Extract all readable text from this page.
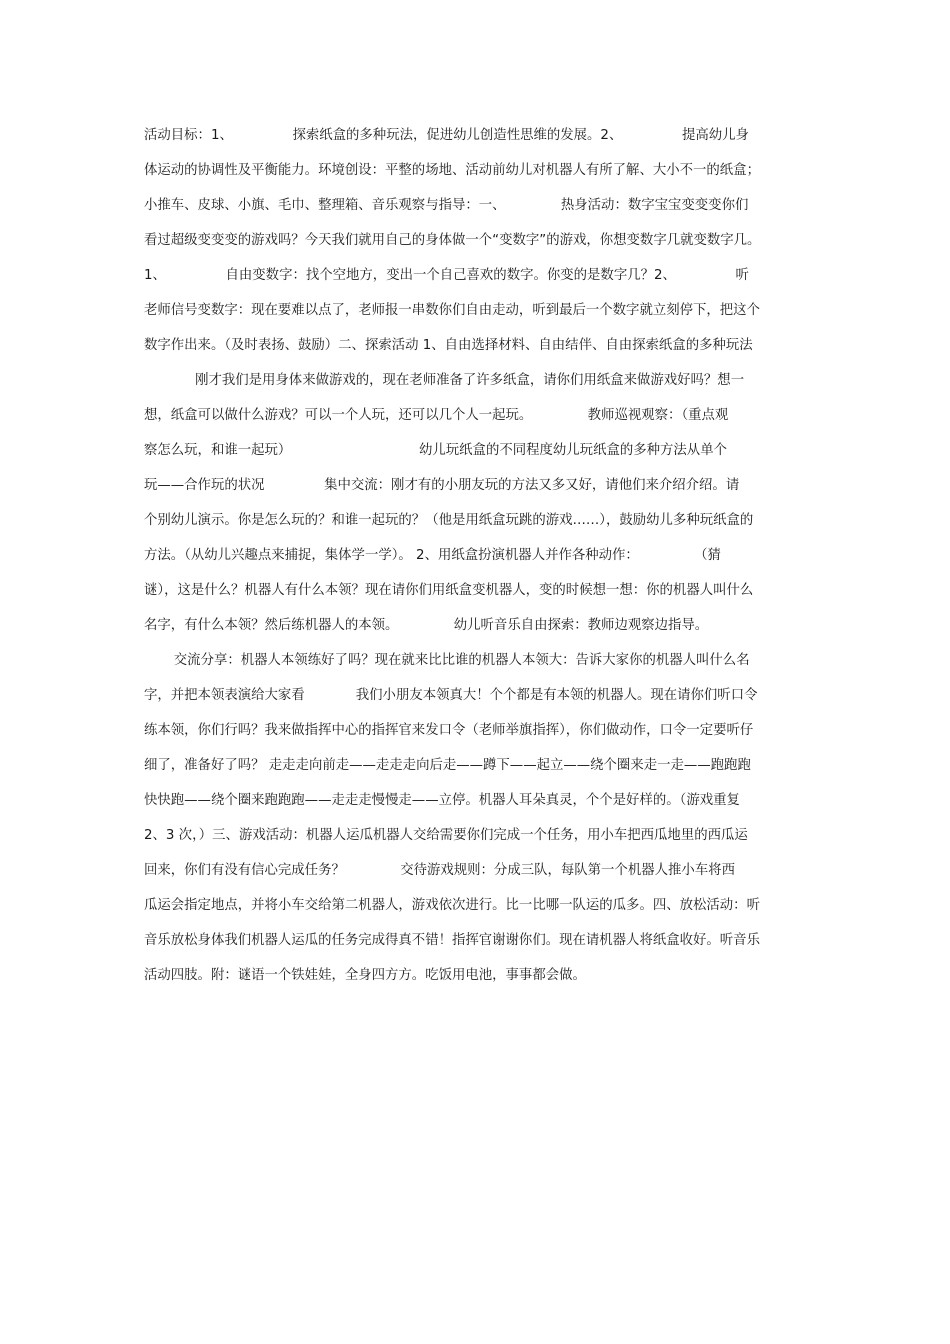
活动目标：1、              探索纸盒的多种玩法，促进幼儿创造性思维的发展。2、              提高幼儿身
体运动的协调性及平衡能力。环境创设：平整的场地、活动前幼儿对机器人有所了解、大小不一的纸盒；
小推车、皮球、小旗、毛巾、整理箱、音乐观察与指导：一、             热身活动：数字宝宝变变变你们
看过超级变变变的游戏吗？今天我们就用自己的身体做一个“变数字”的游戏，你想变数字几就变数字几。
1、              自由变数字：找个空地方，变出一个自己喜欢的数字。你变的是数字几？2、              听
老师信号变数字：现在要难以点了，老师报一串数你们自由走动，听到最后一个数字就立刻停下，把这个
数字作出来。（及时表扬、鼓励）二、探索活动 1、自由选择材料、自由结伴、自由探索纸盒的多种玩法
刚才我们是用身体来做游戏的，现在老师准备了许多纸盒，请你们用纸盒来做游戏好吗？想一
想，纸盒可以做什么游戏？可以一个人玩，还可以几个人一起玩。             教师巡视观察：（重点观
察怎么玩，和谁一起玩）                              幼儿玩纸盒的不同程度幼儿玩纸盒的多种方法从单个
玩——合作玩的状况              集中交流：刚才有的小朋友玩的方法又多又好，请他们来介绍介绍。请
个别幼儿演示。你是怎么玩的？和谁一起玩的？（他是用纸盒玩跳的游戏……），鼓励幼儿多种玩纸盒的
方法。（从幼儿兴趣点来捕捉，集体学一学）。 2、用纸盒扮演机器人并作各种动作：             （猜
谜），这是什么？机器人有什么本领？现在请你们用纸盒变机器人，变的时候想一想：你的机器人叫什么
名字，有什么本领？然后练机器人的本领。             幼儿听音乐自由探索：教师边观察边指导。
交流分享：机器人本领练好了吗？现在就来比比谁的机器人本领大：告诉大家你的机器人叫什么名
字，并把本领表演给大家看            我们小朋友本领真大！个个都是有本领的机器人。现在请你们听口令
练本领，你们行吗？我来做指挥中心的指挥官来发口令（老师举旗指挥），你们做动作，口令一定要听仔
细了，准备好了吗？ 走走走向前走——走走走向后走——蹲下——起立——绕个圈来走一走——跑跑跑
快快跑——绕个圈来跑跑跑——走走走慢慢走——立停。机器人耳朵真灵，个个是好样的。（游戏重复
2、3 次，）三、游戏活动：机器人运瓜机器人交给需要你们完成一个任务，用小车把西瓜地里的西瓜运
回来，你们有没有信心完成任务？             交待游戏规则：分成三队，每队第一个机器人推小车将西
瓜运会指定地点，并将小车交给第二机器人，游戏依次进行。比一比哪一队运的瓜多。四、放松活动：听
音乐放松身体我们机器人运瓜的任务完成得真不错！指挥官谢谢你们。现在请机器人将纸盒收好。听音乐
活动四肢。附：谜语一个铁娃娃，全身四方方。吃饭用电池，事事都会做。
